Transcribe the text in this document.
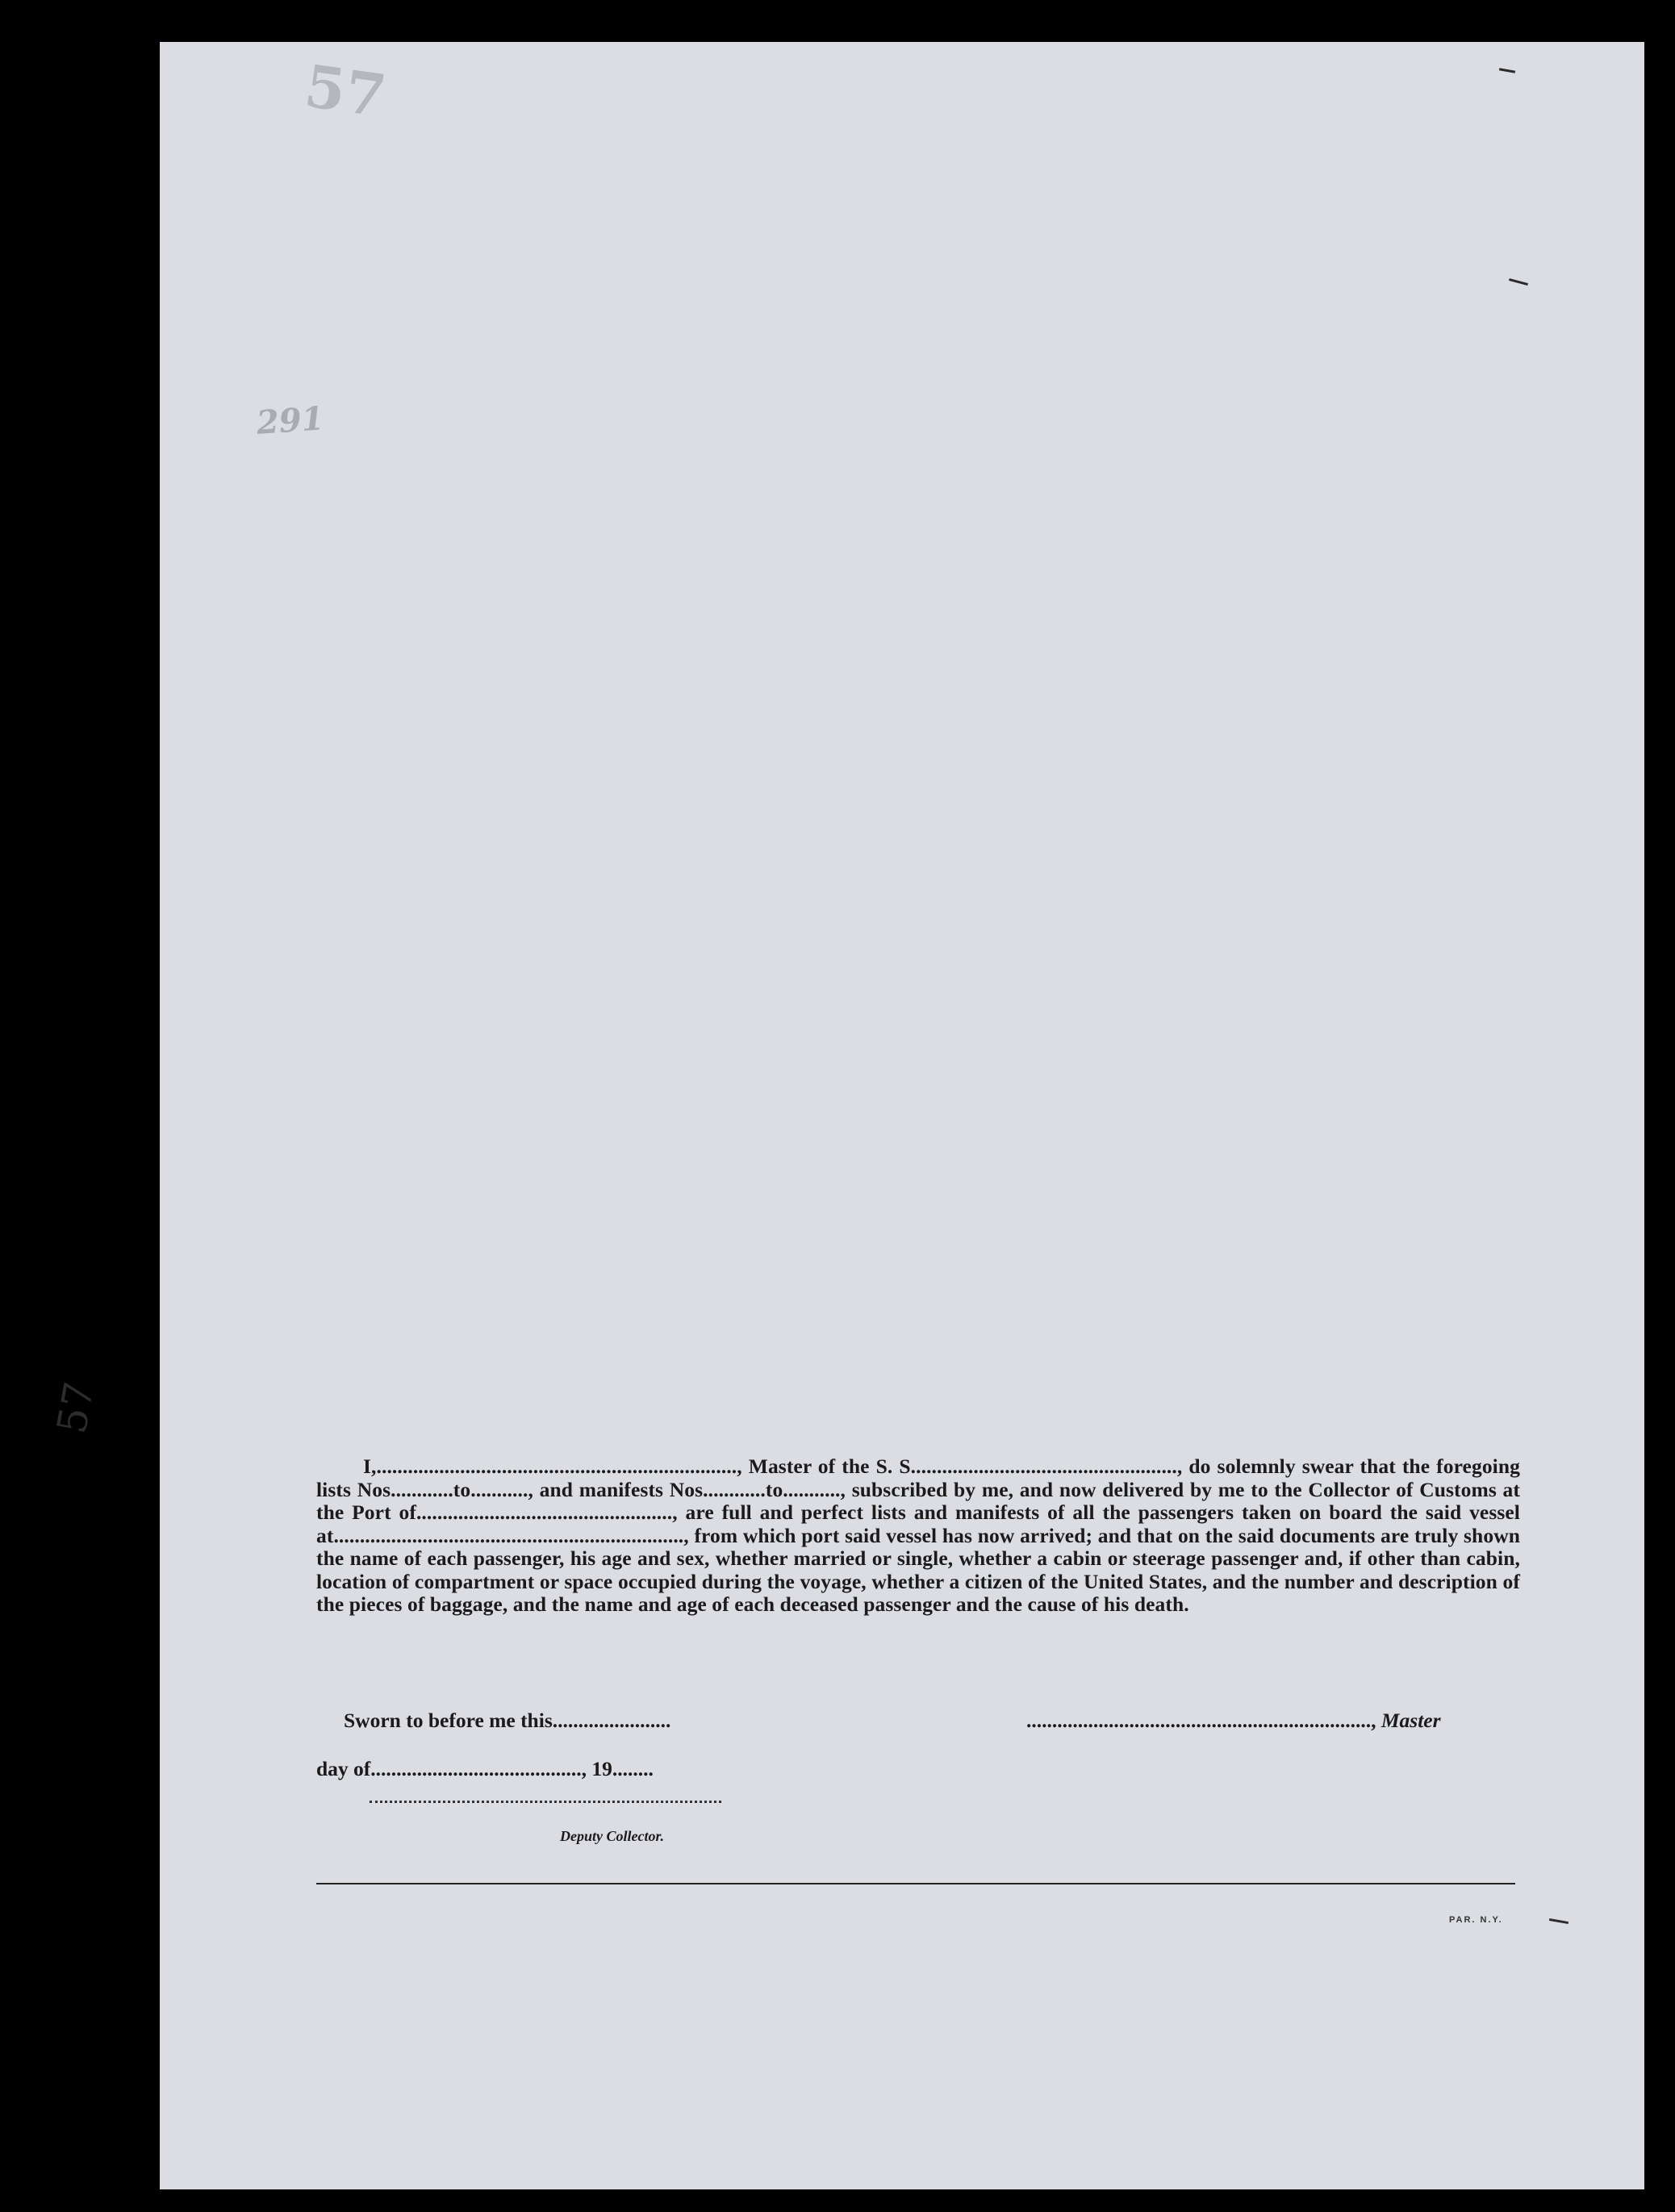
57
291
I,....................................................................., Master of the S. S..................................................., do solemnly swear that the foregoing lists Nos............to..........., and manifests Nos............to..........., subscribed by me, and now delivered by me to the Collector of Customs at the Port of................................................., are full and perfect lists and manifests of all the passengers taken on board the said vessel at..................................................................., from which port said vessel has now arrived; and that on the said documents are truly shown the name of each passenger, his age and sex, whether married or single, whether a cabin or steerage passenger and, if other than cabin, location of compartment or space occupied during the voyage, whether a citizen of the United States, and the number and description of the pieces of baggage, and the name and age of each deceased passenger and the cause of his death.
Sworn to before me this.......................	..................................................................., Master
day of........................................., 19........
Deputy Collector.
PAR. N.Y.
57
